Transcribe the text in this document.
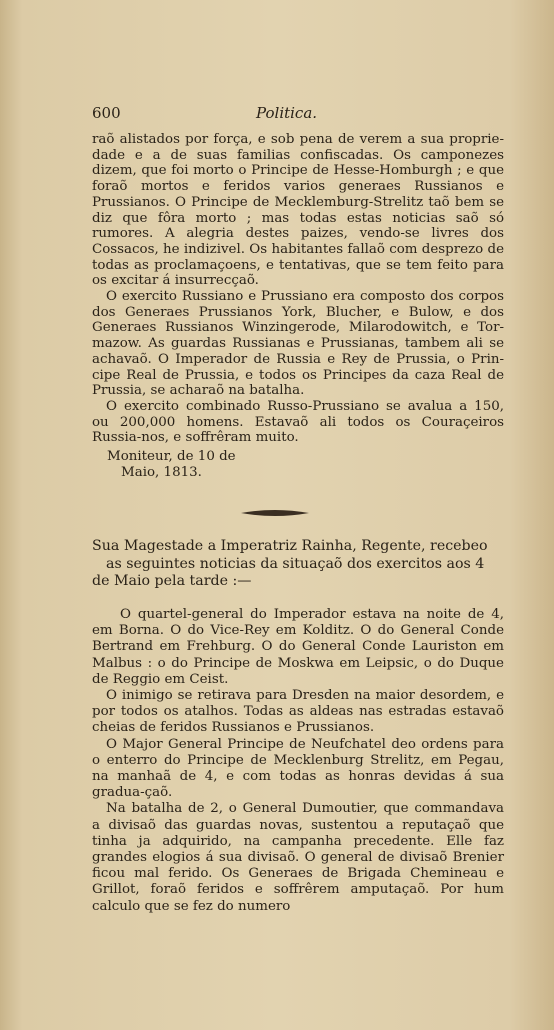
600	Politica.

raõ alistados por força, e sob pena de verem a sua proprie-dade e a de suas familias confiscadas. Os camponezes dizem, que foi morto o Principe de Hesse-Homburgh ; e que foraõ mortos e feridos varios generaes Russianos e Prussianos. O Principe de Mecklemburg-Strelitz taõ bem se diz que fôra morto ; mas todas estas noticias saõ só rumores. A alegria destes paizes, vendo-se livres dos Cossacos, he indizivel. Os habitantes fallaõ com desprezo de todas as proclamaçoens, e tentativas, que se tem feito para os excitar á insurrecçaõ.

O exercito Russiano e Prussiano era composto dos corpos dos Generaes Prussianos York, Blucher, e Bulow, e dos Generaes Russianos Winzingerode, Milarodowitch, e Tor-mazow. As guardas Russianas e Prussianas, tambem ali se achavaõ. O Imperador de Russia e Rey de Prussia, o Prin-cipe Real de Prussia, e todos os Principes da caza Real de Prussia, se acharaõ na batalha.

O exercito combinado Russo-Prussiano se avalua a 150, ou 200,000 homens. Estavaõ ali todos os Couraçeiros Russia-nos, e soffrêram muito.

Moniteur, de 10 de
Maio, 1813.
Sua Magestade a Imperatriz Rainha, Regente, recebeo
as seguintes noticias da situaçaõ dos exercitos aos 4
de Maio pela tarde :—

O quartel-general do Imperador estava na noite de 4, em Borna. O do Vice-Rey em Kolditz. O do General Conde Bertrand em Frehburg. O do General Conde Lauriston em Malbus : o do Principe de Moskwa em Leipsic, o do Duque de Reggio em Ceist.

O inimigo se retirava para Dresden na maior desordem, e por todos os atalhos. Todas as aldeas nas estradas estavaõ cheias de feridos Russianos e Prussianos.

O Major General Principe de Neufchatel deo ordens para o enterro do Principe de Mecklenburg Strelitz, em Pegau, na manhaã de 4, e com todas as honras devidas á sua gradua-çaõ.

Na batalha de 2, o General Dumoutier, que commandava a divisaõ das guardas novas, sustentou a reputaçaõ que tinha ja adquirido, na campanha precedente. Elle faz grandes elogios á sua divisaõ. O general de divisaõ Brenier ficou mal ferido. Os Generaes de Brigada Chemineau e Grillot, foraõ feridos e soffrêrem amputaçaõ. Por hum calculo que se fez do numero
